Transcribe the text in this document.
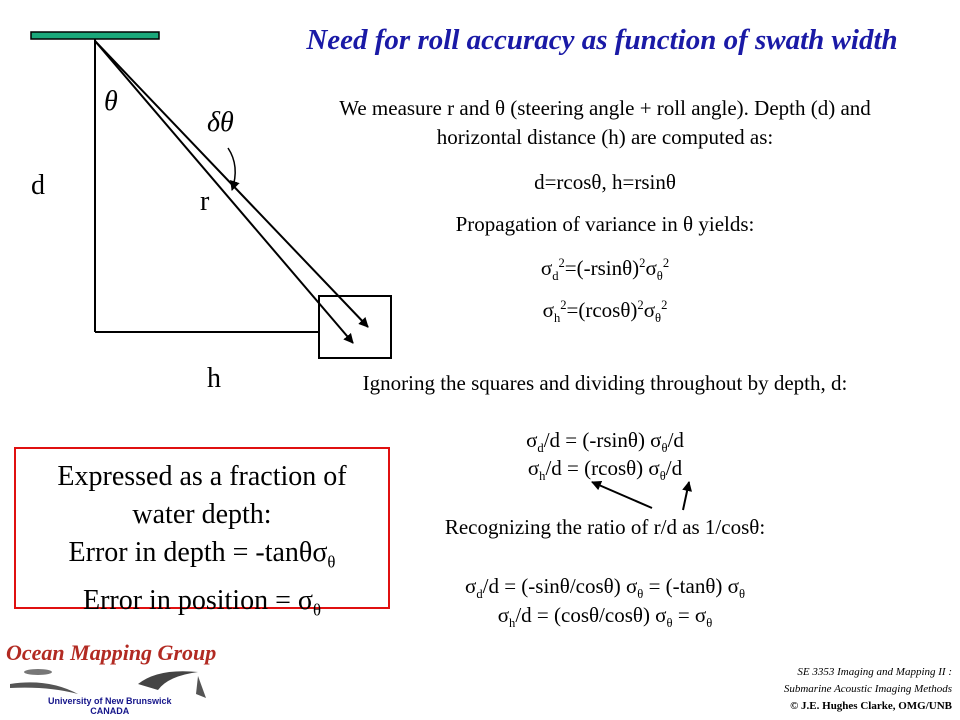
Need for roll accuracy as function of swath width
θ
δθ
r
d
h
We measure r and θ (steering angle + roll angle). Depth (d) and
horizontal distance (h) are computed as:
d=rcosθ, h=rsinθ
Propagation of variance in θ yields:
$\sigma_d^2=(-rsin\theta)^2\sigma_\theta^2$
$\sigma_h^2=(rcos\theta)^2\sigma_\theta^2$
Ignoring the squares and dividing throughout by depth, d:
$\sigma_d/d = (-rsin\theta)$ $\sigma_\theta/d$
$\sigma_h/d = (rcos\theta)$ $\sigma_\theta/d$
Recognizing the ratio of r/d as 1/cosθ:
$\sigma_d/d = (-\sin\theta/\cos\theta) \sigma_\theta = (-\tan\theta)$ $\sigma_\theta$
$\sigma_h/d = (\cos\theta/\cos\theta) \sigma_\theta = \sigma_\theta$
Expressed as a fraction of
water depth:
Error in depth = -tanθσ$_\theta$
Error in position = $\sigma_\theta$
Ocean Mapping Group
University of New Brunswick
CANADA
SE 3353 Imaging and Mapping II :
Submarine Acoustic Imaging Methods
© J.E. Hughes Clarke, OMG/UNB
